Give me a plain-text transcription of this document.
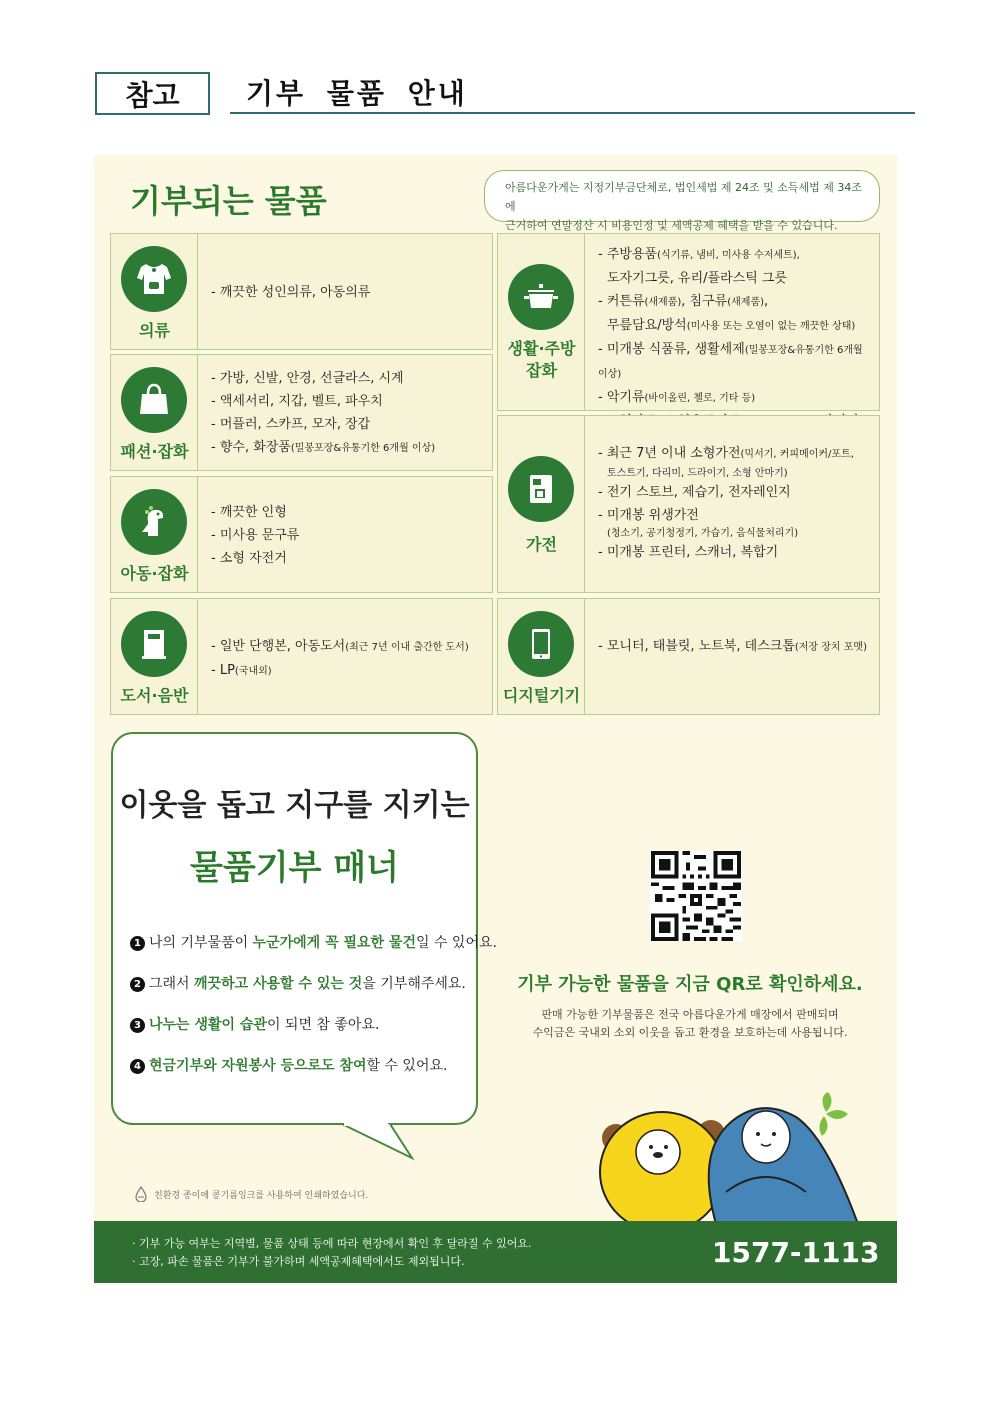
참고	기부 물품 안내
기부되는 물품	아름다운가게는 지정기부금단체로, 법인세법 제 24조 및 소득세법 제 34조에
근거하여 연말정산 시 비용인정 및 세액공제 혜택을 받을 수 있습니다.
의류
- 깨끗한 성인의류, 아동의류
패션·잡화
- 가방, 신발, 안경, 선글라스, 시계
- 액세서리, 지갑, 벨트, 파우치
- 머플러, 스카프, 모자, 장갑
- 향수, 화장품(밀봉포장&유통기한 6개월 이상)
아동·잡화
- 깨끗한 인형
- 미사용 문구류
- 소형 자전거
도서·음반
- 일반 단행본, 아동도서(최근 7년 이내 출간한 도서)
- LP(국내외)
생활·주방
잡화
- 주방용품(식기류, 냄비, 미사용 수저세트),
도자기그릇, 유리/플라스틱 그릇
- 커튼류(새제품), 침구류(새제품),
무릎담요/방석(미사용 또는 오염이 없는 깨끗한 상태)
- 미개봉 식품류, 생활세제(밀봉포장&유통기한 6개월 이상)
- 악기류(바이올린, 첼로, 기타 등)
가전
- 최근 7년 이내 소형가전(믹서기, 커피메이커/포트,
토스트기, 다리미, 드라이기, 소형 안마기)
- 전기 스토브, 제습기, 전자레인지
- 미개봉 위생가전
(청소기, 공기청정기, 가습기, 음식물처리기)
- 미개봉 프린터, 스캐너, 복합기
디지털기기
- 모니터, 태블릿, 노트북, 데스크톱(저장 장치 포맷)
이웃을 돕고 지구를 지키는
물품기부 매너
1 나의 기부물품이 누군가에게 꼭 필요한 물건일 수 있어요.
2 그래서 깨끗하고 사용할 수 있는 것을 기부해주세요.
3 나누는 생활이 습관이 되면 참 좋아요.
4 현금기부와 자원봉사 등으로도 참여할 수 있어요.
기부 가능한 물품을 지금 QR로 확인하세요.
판매 가능한 기부물품은 전국 아름다운가게 매장에서 판매되며
수익금은 국내외 소외 이웃을 돕고 환경을 보호하는데 사용됩니다.
친환경 종이에 콩기름잉크를 사용하여 인쇄하였습니다.
· 기부 가능 여부는 지역별, 물품 상태 등에 따라 현장에서 확인 후 달라질 수 있어요.
· 고장, 파손 물품은 기부가 불가하며 세액공제혜택에서도 제외됩니다.	1577-1113
